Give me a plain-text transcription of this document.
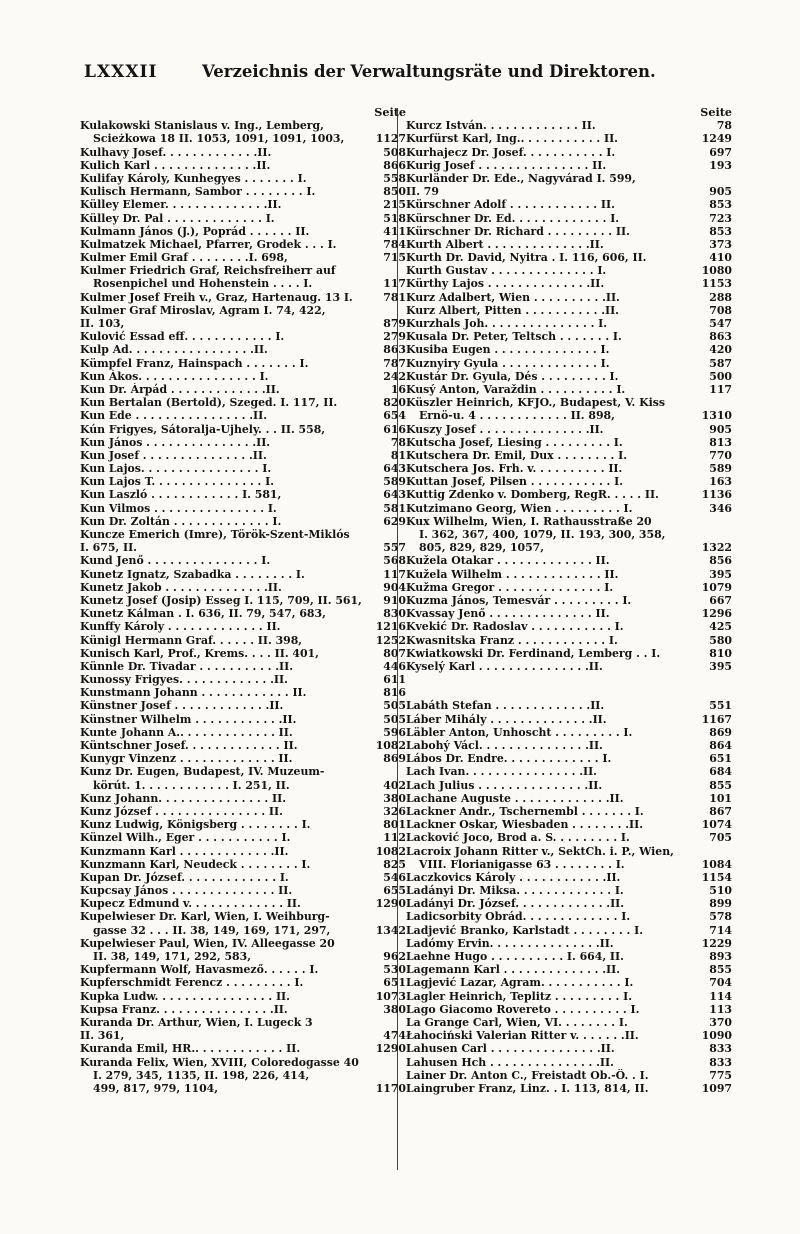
LXXXII	Verzeichnis der Verwaltungsräte und Direktoren.
Seite
Kulakowski Stanislaus v. Ing., Lemberg,
Scieżkowa 18 II. 1053, 1091, 1091, 1003,	1127
Kulhavy Josef. . . . . . . . . . . . .II.	508
Kulich Karl . . . . . . . . . . . . . .II.	866
Kulifay Károly, Kunhegyes . . . . . . . I.	558
Kulisch Hermann, Sambor . . . . . . . . I.	850
Külley Elemer. . . . . . . . . . . . . .II.	215
Külley Dr. Pal . . . . . . . . . . . . . I.	518
Kulmann János (J.), Poprád . . . . . . II.	411
Kulmatzek Michael, Pfarrer, Grodek . . . I.	784
Kulmer Emil Graf . . . . . . . .I. 698,	715
Kulmer Friedrich Graf, Reichsfreiherr auf
Rosenpichel und Hohenstein . . . . I.	117
Kulmer Josef Freih v., Graz, Hartenaug. 13 I.	781
Kulmer Graf Miroslav, Agram I. 74, 422,
II. 103,	879
Kulović Essad eff. . . . . . . . . . . . I.	279
Kulp Ad. . . . . . . . . . . . . . . . .II.	863
Kümpfel Franz, Hainspach . . . . . . . I.	787
Kun Ákos. . . . . . . . . . . . . . . . I.	242
Kun Dr. Árpád . . . . . . . . . . . . .II.	16
Kun Bertalan (Bertold), Szeged. I. 117, II.	820
Kun Ede . . . . . . . . . . . . . . . .II.	654
Kún Frigyes, Sátoralja-Ujhely. . . II. 558,	616
Kun János . . . . . . . . . . . . . . .II.	78
Kun Josef . . . . . . . . . . . . . . .II.	81
Kun Lajos. . . . . . . . . . . . . . . . I.	643
Kun Lajos T. . . . . . . . . . . . . . . I.	589
Kun Laszló . . . . . . . . . . . . I. 581,	643
Kun Vilmos . . . . . . . . . . . . . . . I.	581
Kun Dr. Zoltán . . . . . . . . . . . . . I.	629
Kuncze Emerich (Imre), Török-Szent-Miklós
I. 675, II.	557
Kund Jenő . . . . . . . . . . . . . . . I.	568
Kunetz Ignatz, Szabadka . . . . . . . . I.	117
Kunetz Jakob . . . . . . . . . . . . . .II.	904
Kunetz Josef (Josip) Esseg I. 115, 709, II. 561,	910
Kunetz Kálman . I. 636, II. 79, 547, 683,	830
Kunffy Károly . . . . . . . . . . . . . II.	1216
Künigl Hermann Graf. . . . . . II. 398,	1252
Kunisch Karl, Prof., Krems. . . . II. 401,	807
Künnle Dr. Tivadar . . . . . . . . . . .II.	446
Kunossy Frigyes. . . . . . . . . . . . .II.	611
Kunstmann Johann . . . . . . . . . . . . II.	816
Künstner Josef . . . . . . . . . . . . .II.	505
Künstner Wilhelm . . . . . . . . . . . .II.	505
Kunte Johann A.. . . . . . . . . . . . . II.	596
Küntschner Josef. . . . . . . . . . . . . II.	1082
Kunygr Vinzenz . . . . . . . . . . . . . II.	869
Kunz Dr. Eugen, Budapest, IV. Muzeum-
körút. 1. . . . . . . . . . . . I. 251, II.	402
Kunz Johann. . . . . . . . . . . . . . . II.	380
Kunz József . . . . . . . . . . . . . . . II.	326
Kunz Ludwig, Königsberg . . . . . . . . I.	801
Künzel Wilh., Eger . . . . . . . . . . . I.	112
Kunzmann Karl . . . . . . . . . . . . .II.	1082
Kunzmann Karl, Neudeck . . . . . . . . I.	825
Kupan Dr. József. . . . . . . . . . . . . I.	546
Kupcsay János . . . . . . . . . . . . . . II.	655
Kupecz Edmund v. . . . . . . . . . . . . II.	1290
Kupelwieser Dr. Karl, Wien, I. Weihburg-
gasse 32 . . . II. 38, 149, 169, 171, 297,	1342
Kupelwieser Paul, Wien, IV. Alleegasse 20
II. 38, 149, 171, 292, 583,	962
Kupfermann Wolf, Havasmező. . . . . . I.	530
Kupferschmidt Ferencz . . . . . . . . . I.	651
Kupka Ludw. . . . . . . . . . . . . . . . II.	1073
Kupsa Franz. . . . . . . . . . . . . . . .II.	380
Kuranda Dr. Arthur, Wien, I. Lugeck 3
II. 361,	474
Kuranda Emil, HR.. . . . . . . . . . . . II.	1290
Kuranda Felix, Wien, XVIII, Coloredogasse 40
I. 279, 345, 1135, II. 198, 226, 414,
499, 817, 979, 1104,	1170
Seite
Kurcz István. . . . . . . . . . . . . II.	78
Kurfürst Karl, Ing.. . . . . . . . . . . II.	1249
Kurhajecz Dr. Josef. . . . . . . . . . . I.	697
Kurig Josef . . . . . . . . . . . . . . . II.	193
Kurländer Dr. Ede., Nagyvárad I. 599,
II. 79	905
Kürschner Adolf . . . . . . . . . . . . II.	853
Kürschner Dr. Ed. . . . . . . . . . . . . I.	723
Kürschner Dr. Richard . . . . . . . . . II.	853
Kurth Albert . . . . . . . . . . . . . .II.	373
Kurth Dr. David, Nyitra . I. 116, 606, II.	410
Kurth Gustav . . . . . . . . . . . . . . I.	1080
Kürthy Lajos . . . . . . . . . . . . . .II.	1153
Kurz Adalbert, Wien . . . . . . . . . .II.	288
Kurz Albert, Pitten . . . . . . . . . . .II.	708
Kurzhals Joh. . . . . . . . . . . . . . . I.	547
Kusala Dr. Peter, Teltsch . . . . . . . I.	863
Kusiba Eugen . . . . . . . . . . . . . . I.	420
Kuznyiry Gyula . . . . . . . . . . . . . I.	587
Kustár Dr. Gyula, Dés . . . . . . . . . I.	500
Kusý Anton, Varaždin . . . . . . . . . . I.	117
Küszler Heinrich, KFJO., Budapest, V. Kiss
Ernö-u. 4 . . . . . . . . . . . . II. 898,	1310
Kuszy Josef . . . . . . . . . . . . . . .II.	905
Kutscha Josef, Liesing . . . . . . . . . I.	813
Kutschera Dr. Emil, Dux . . . . . . . . I.	770
Kutschera Jos. Frh. v. . . . . . . . . . II.	589
Kuttan Josef, Pilsen . . . . . . . . . . . I.	163
Kuttig Zdenko v. Domberg, RegR. . . . . II.	1136
Kutzimano Georg, Wien . . . . . . . . . I.	346
Kux Wilhelm, Wien, I. Rathausstraße 20
I. 362, 367, 400, 1079, II. 193, 300, 358,
805, 829, 829, 1057,	1322
Kužela Otakar . . . . . . . . . . . . . II.	856
Kužela Wilhelm . . . . . . . . . . . . . II.	395
Kužma Gregor . . . . . . . . . . . . . . I.	1079
Kuzma János, Temesvár . . . . . . . . . I.	667
Kvassay Jenő . . . . . . . . . . . . . . II.	1296
Kvekić Dr. Radoslav . . . . . . . . . . . I.	425
Kwasnitska Franz . . . . . . . . . . . . I.	580
Kwiatkowski Dr. Ferdinand, Lemberg . . I.	810
Kyselý Karl . . . . . . . . . . . . . . .II.	395
Labáth Stefan . . . . . . . . . . . . .II.	551
Láber Mihály . . . . . . . . . . . . . .II.	1167
Läbler Anton, Unhoscht . . . . . . . . . I.	869
Labohý Václ. . . . . . . . . . . . . . .II.	864
Lábos Dr. Endre. . . . . . . . . . . . . I.	651
Lach Ivan. . . . . . . . . . . . . . . .II.	684
Lach Julius . . . . . . . . . . . . . . .II.	855
Lachane Auguste . . . . . . . . . . . . .II.	101
Lackner Andr., Tschernembl . . . . . . . I.	867
Lackner Oskar, Wiesbaden . . . . . . . .II.	1074
Lacković Joco, Brod a. S. . . . . . . . . I.	705
Lacroix Johann Ritter v., SektCh. i. P., Wien,
VIII. Florianigasse 63 . . . . . . . . I.	1084
Laczkovics Károly . . . . . . . . . . . .II.	1154
Ladányi Dr. Miksa. . . . . . . . . . . . . I.	510
Ladányi Dr. József. . . . . . . . . . . . .II.	899
Ladicsorbity Obrád. . . . . . . . . . . . . I.	578
Ladjević Branko, Karlstadt . . . . . . . . I.	714
Ladómy Ervin. . . . . . . . . . . . . . .II.	1229
Laehne Hugo . . . . . . . . . . I. 664, II.	893
Lagemann Karl . . . . . . . . . . . . . .II.	855
Lagjević Lazar, Agram. . . . . . . . . . . I.	704
Lagler Heinrich, Teplitz . . . . . . . . . I.	114
Lago Giacomo Rovereto . . . . . . . . . . I.	113
La Grange Carl, Wien, VI. . . . . . . . I.	370
Łahociński Valerian Ritter v. . . . . . .II.	1090
Lahusen Carl . . . . . . . . . . . . . . .II.	833
Lahusen Hch . . . . . . . . . . . . . . .II.	833
Lainer Dr. Anton C., Freistadt Ob.-Ö. . I.	775
Laingruber Franz, Linz. . I. 113, 814, II.	1097
